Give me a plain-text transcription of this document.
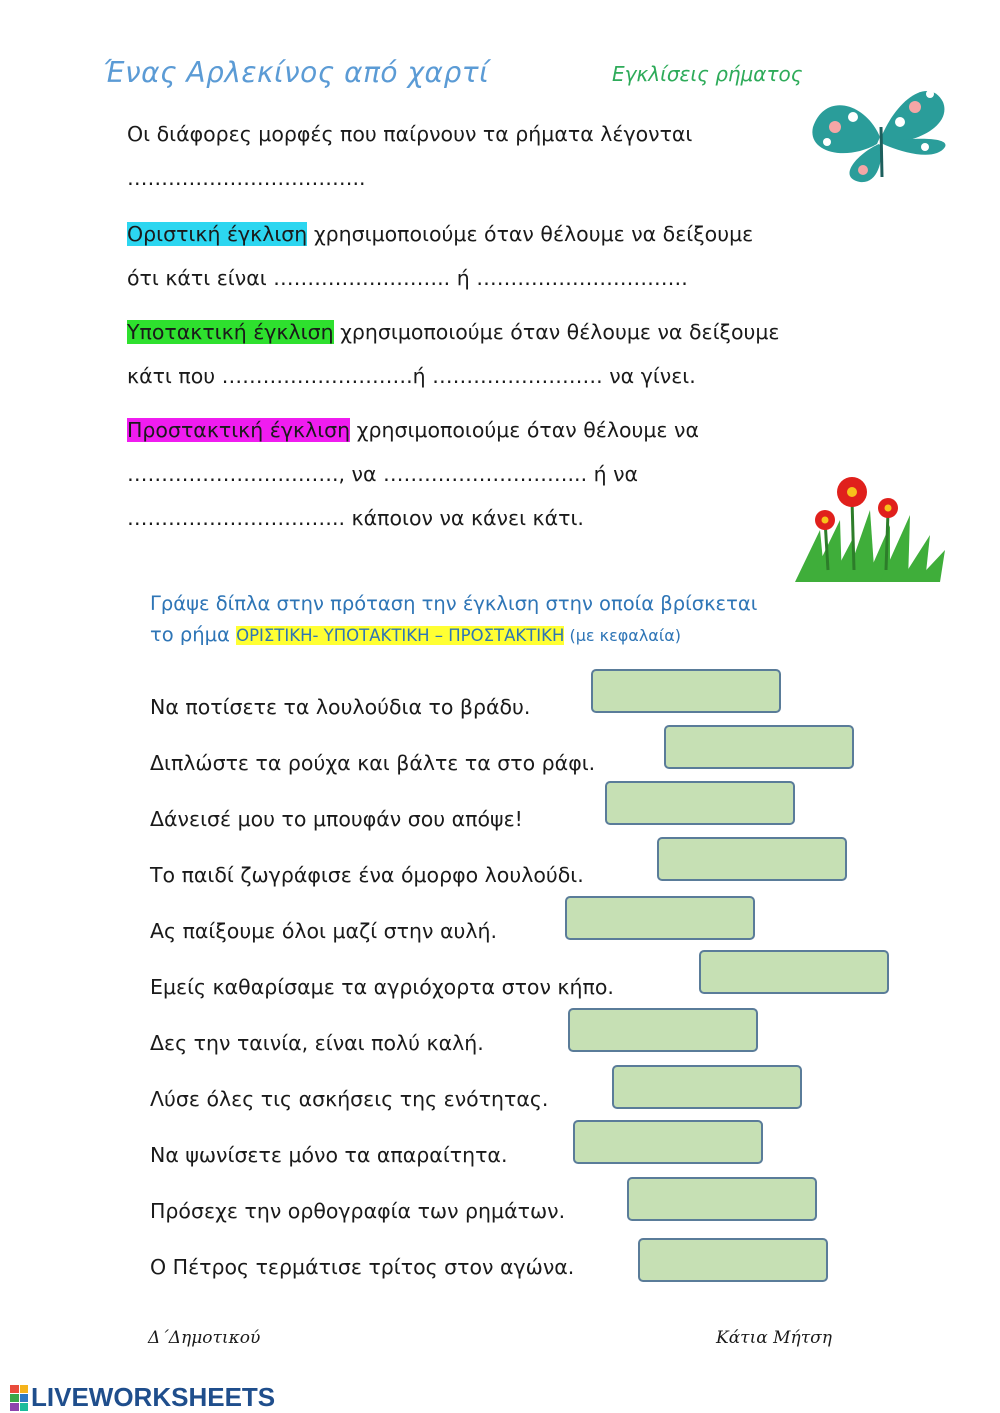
Ένας Αρλεκίνος από χαρτί	Εγκλίσεις ρήματος
Οι διάφορες μορφές που παίρνουν τα ρήματα λέγονται
……………………………..
Οριστική έγκλιση χρησιμοποιούμε όταν θέλουμε να δείξουμε
ότι κάτι είναι …………………….. ή ………………………….
Υποτακτική έγκλιση χρησιμοποιούμε όταν θέλουμε να δείξουμε
κάτι που ……………………….ή ……………………. να γίνει.
Προστακτική έγκλιση χρησιμοποιούμε όταν θέλουμε να
…………………………., να ………………………... ή να
………………………….. κάποιον να κάνει κάτι.
Γράψε δίπλα στην πρόταση την έγκλιση στην οποία βρίσκεται
το ρήμα ΟΡΙΣΤΙΚΗ- ΥΠΟΤΑΚΤΙΚΗ – ΠΡΟΣΤΑΚΤΙΚΗ (με κεφαλαία)
Να ποτίσετε τα λουλούδια το βράδυ.
Διπλώστε τα ρούχα και βάλτε τα στο ράφι.
Δάνεισέ μου το μπουφάν σου απόψε!
Το παιδί ζωγράφισε ένα όμορφο λουλούδι.
Ας παίξουμε όλοι μαζί στην αυλή.
Εμείς καθαρίσαμε τα αγριόχορτα στον κήπο.
Δες την ταινία, είναι πολύ καλή.
Λύσε όλες τις ασκήσεις της ενότητας.
Να ψωνίσετε μόνο τα απαραίτητα.
Πρόσεχε την ορθογραφία των ρημάτων.
Ο Πέτρος τερμάτισε τρίτος στον αγώνα.
Δ΄Δημοτικού	Κάτια Μήτση
LIVEWORKSHEETS
